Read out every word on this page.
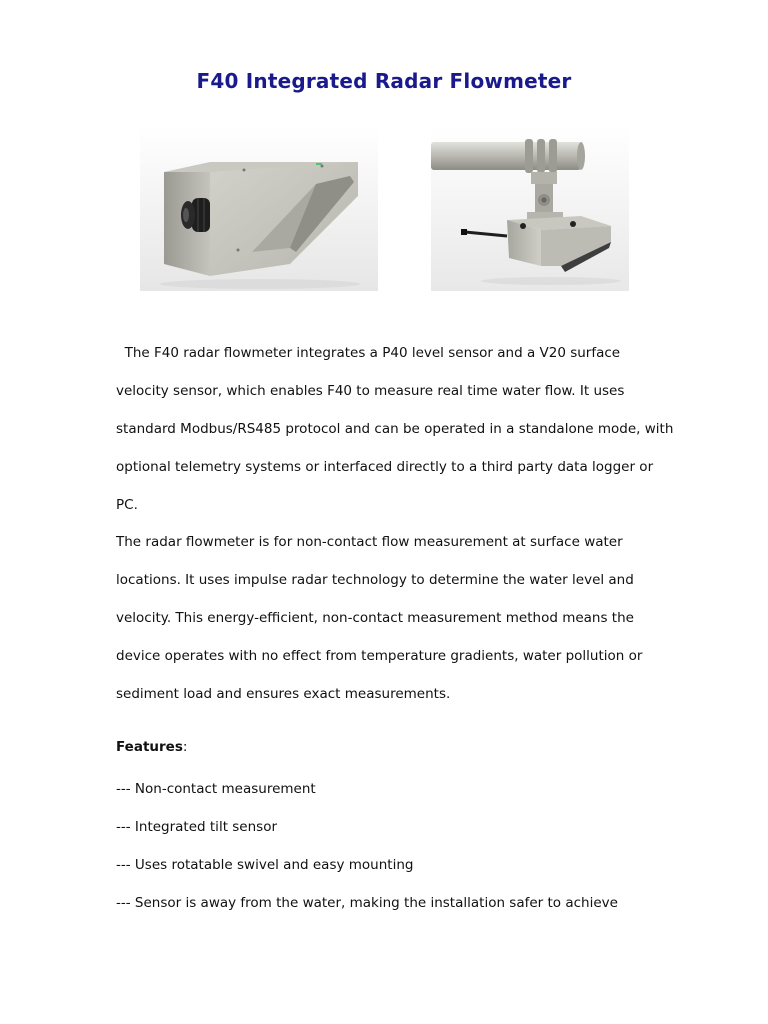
F40 Integrated Radar Flowmeter

The F40 radar flowmeter integrates a P40 level sensor and a V20 surface velocity sensor, which enables F40 to measure real time water flow. It uses standard Modbus/RS485 protocol and can be operated in a standalone mode, with optional telemetry systems or interfaced directly to a third party data logger or PC.

The radar flowmeter is for non-contact flow measurement at surface water locations. It uses impulse radar technology to determine the water level and velocity. This energy-efficient, non-contact measurement method means the device operates with no effect from temperature gradients, water pollution or sediment load and ensures exact measurements.

Features:

--- Non-contact measurement
--- Integrated tilt sensor
--- Uses rotatable swivel and easy mounting
--- Sensor is away from the water, making the installation safer to achieve
